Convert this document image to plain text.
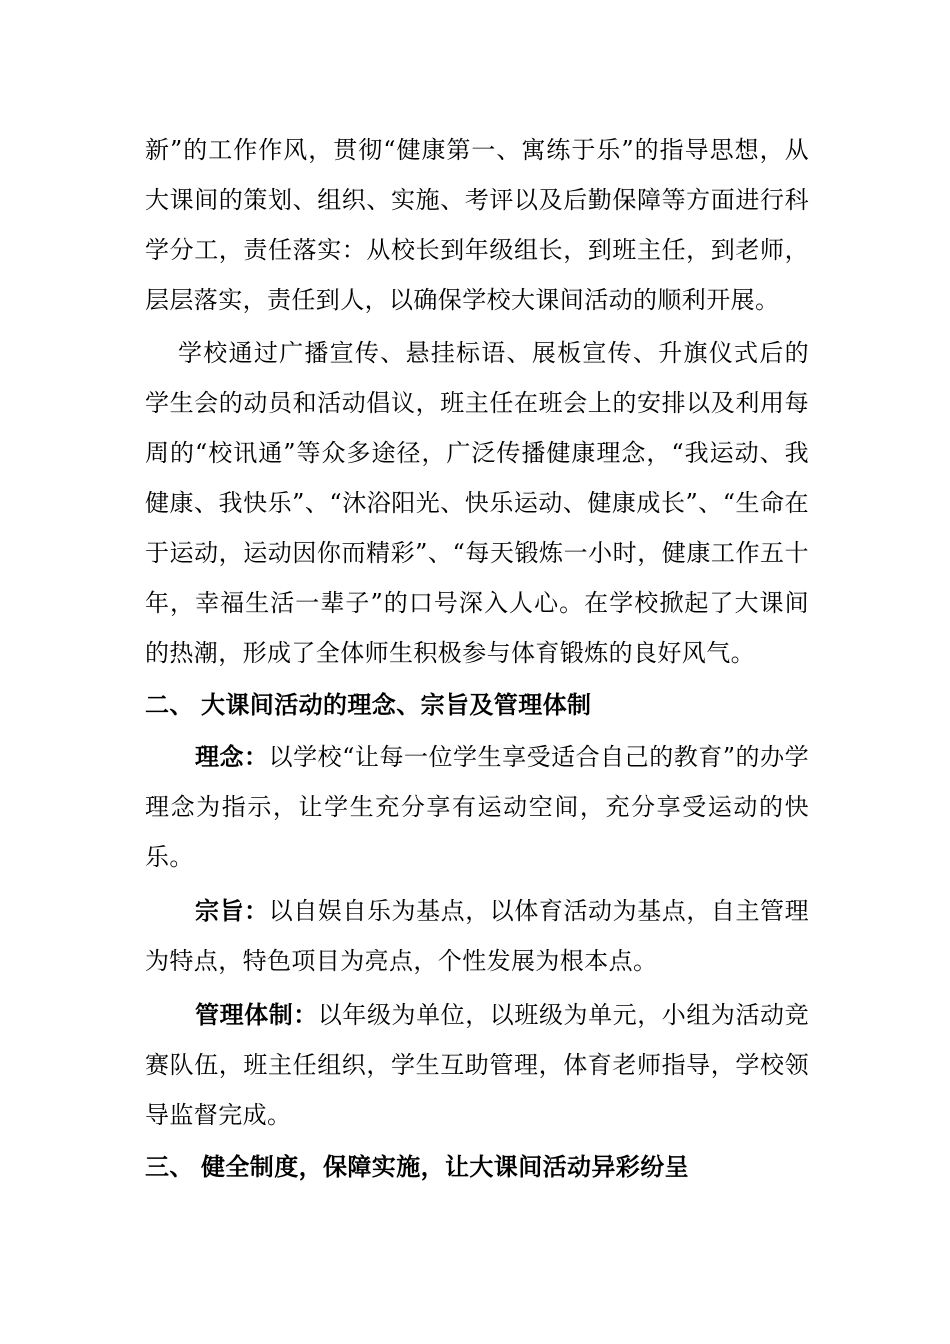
新”的工作作风，贯彻“健康第一、寓练于乐”的指导思想，从大课间的策划、组织、实施、考评以及后勤保障等方面进行科学分工，责任落实：从校长到年级组长，到班主任，到老师，层层落实，责任到人，以确保学校大课间活动的顺利开展。

学校通过广播宣传、悬挂标语、展板宣传、升旗仪式后的学生会的动员和活动倡议，班主任在班会上的安排以及利用每周的“校讯通”等众多途径，广泛传播健康理念，“我运动、我健康、我快乐”、“沐浴阳光、快乐运动、健康成长”、“生命在于运动，运动因你而精彩”、“每天锻炼一小时，健康工作五十年，幸福生活一辈子”的口号深入人心。在学校掀起了大课间的热潮，形成了全体师生积极参与体育锻炼的良好风气。

二、 大课间活动的理念、宗旨及管理体制

理念：以学校“让每一位学生享受适合自己的教育”的办学理念为指示，让学生充分享有运动空间，充分享受运动的快乐。

宗旨：以自娱自乐为基点，以体育活动为基点，自主管理为特点，特色项目为亮点，个性发展为根本点。

管理体制：以年级为单位，以班级为单元，小组为活动竞赛队伍，班主任组织，学生互助管理，体育老师指导，学校领导监督完成。

三、 健全制度，保障实施，让大课间活动异彩纷呈
